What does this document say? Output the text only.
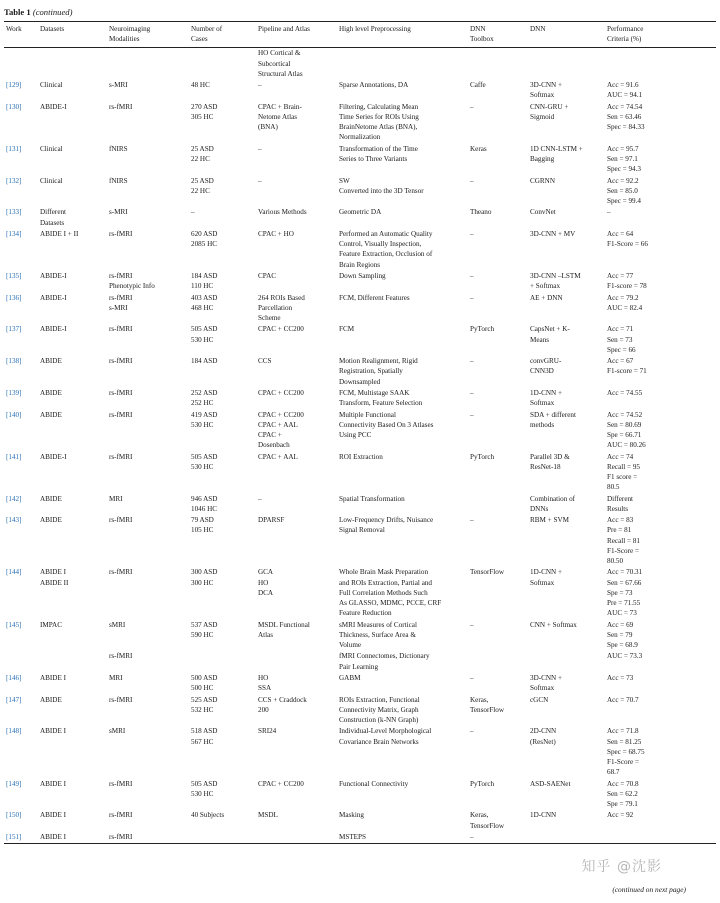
Table 1 (continued)
Work	Datasets	Neuroimaging
Modalities	Number of
Cases	Pipeline and Atlas	High level Preprocessing	DNN
Toolbox	DNN	Performance
Criteria (%)
				HO Cortical &
Subcortical
Structural Atlas				
[129]	Clinical	s-MRI	48 HC	–	Sparse Annotations, DA	Caffe	3D-CNN +
Softmax	Acc = 91.6
AUC = 94.1
[130]	ABIDE-I	rs-fMRI	270 ASD
305 HC	CPAC + Brain-
Netome Atlas
(BNA)	Filtering, Calculating Mean
Time Series for ROIs Using
BrainNetome Atlas (BNA),
Normalization	–	CNN-GRU +
Sigmoid	Acc = 74.54
Sen = 63.46
Spec = 84.33
[131]	Clinical	fNIRS	25 ASD
22 HC	–	Transformation of the Time
Series to Three Variants	Keras	1D CNN-LSTM +
Bagging	Acc = 95.7
Sen = 97.1
Spec = 94.3
[132]	Clinical	fNIRS	25 ASD
22 HC	–	SW
Converted into the 3D Tensor	–	CGRNN	Acc = 92.2
Sen = 85.0
Spec = 99.4
[133]	Different
Datasets	s-MRI	–	Various Methods	Geometric DA	Theano	ConvNet	–
[134]	ABIDE I + II	rs-fMRI	620 ASD
2085 HC	CPAC + HO	Performed an Automatic Quality
Control, Visually Inspection,
Feature Extraction, Occlusion of
Brain Regions	–	3D-CNN + MV	Acc = 64
F1-Score = 66
[135]	ABIDE-I	rs-fMRI
Phenotypic Info	184 ASD
110 HC	CPAC	Down Sampling	–	3D-CNN –LSTM
+ Softmax	Acc = 77
F1-score = 78
[136]	ABIDE-I	rs-fMRI
s-MRI	403 ASD
468 HC	264 ROIs Based
Parcellation
Scheme	FCM, Different Features	–	AE + DNN	Acc = 79.2
AUC = 82.4
[137]	ABIDE-I	rs-fMRI	505 ASD
530 HC	CPAC + CC200	FCM	PyTorch	CapsNet + K-
Means	Acc = 71
Sen = 73
Spec = 66
[138]	ABIDE	rs-fMRI	184 ASD	CCS	Motion Realignment, Rigid
Registration, Spatially
Downsampled	–	convGRU-
CNN3D	Acc = 67
F1-score = 71
[139]	ABIDE	rs-fMRI	252 ASD
252 HC	CPAC + CC200	FCM, Multistage SAAK
Transform, Feature Selection	–	1D-CNN +
Softmax	Acc = 74.55
[140]	ABIDE	rs-fMRI	419 ASD
530 HC	CPAC + CC200
CPAC + AAL
CPAC +
Dosenbach	Multiple Functional
Connectivity Based On 3 Atlases
Using PCC	–	SDA + different
methods	Acc = 74.52
Sen = 80.69
Spe = 66.71
AUC = 80.26
[141]	ABIDE-I	rs-fMRI	505 ASD
530 HC	CPAC + AAL	ROI Extraction	PyTorch	Parallel 3D &
ResNet-18	Acc = 74
Recall = 95
F1 score =
80.5
[142]	ABIDE	MRI	946 ASD
1046 HC	–	Spatial Transformation		Combination of
DNNs	Different
Results
[143]	ABIDE	rs-fMRI	79 ASD
105 HC	DPARSF	Low-Frequency Drifts, Nuisance
Signal Removal	–	RBM + SVM	Acc = 83
Pre = 81
Recall = 81
F1-Score =
80.50
[144]	ABIDE I
ABIDE II	rs-fMRI	300 ASD
300 HC	GCA
HO
DCA	Whole Brain Mask Preparation
and ROIs Extraction, Partial and
Full Correlation Methods Such
As GLASSO, MDMC, PCCE, CRF
Feature Reduction	TensorFlow	1D-CNN +
Softmax	Acc = 70.31
Sen = 67.66
Spe = 73
Pre = 71.55
AUC = 73
[145]	IMPAC	sMRI	537 ASD
590 HC	MSDL Functional
Atlas	sMRI Measures of Cortical
Thickness, Surface Area &
Volume	–	CNN + Softmax	Acc = 69
Sen = 79
Spe = 68.9
		rs-fMRI			fMRI Connectomes, Dictionary
Pair Learning			AUC = 73.3
[146]	ABIDE I	MRI	500 ASD
500 HC	HO
SSA	GABM	–	3D-CNN +
Softmax	Acc = 73
[147]	ABIDE	rs-fMRI	525 ASD
532 HC	CCS + Craddock
200	ROIs Extraction, Functional
Connectivity Matrix, Graph
Construction (k-NN Graph)	Keras,
TensorFlow	cGCN	Acc = 70.7
[148]	ABIDE I	sMRI	518 ASD
567 HC	SRI24	Individual-Level Morphological
Covariance Brain Networks	–	2D-CNN
(ResNet)	Acc = 71.8
Sen = 81.25
Spec = 68.75
F1-Score =
68.7
[149]	ABIDE I	rs-fMRI	505 ASD
530 HC	CPAC + CC200	Functional Connectivity	PyTorch	ASD-SAENet	Acc = 70.8
Sen = 62.2
Spe = 79.1
[150]	ABIDE I	rs-fMRI	40 Subjects	MSDL	Masking	Keras,
TensorFlow	1D-CNN	Acc = 92
[151]	ABIDE I	rs-fMRI			MSTEPS	–		
知乎 @沈影
(continued on next page)
